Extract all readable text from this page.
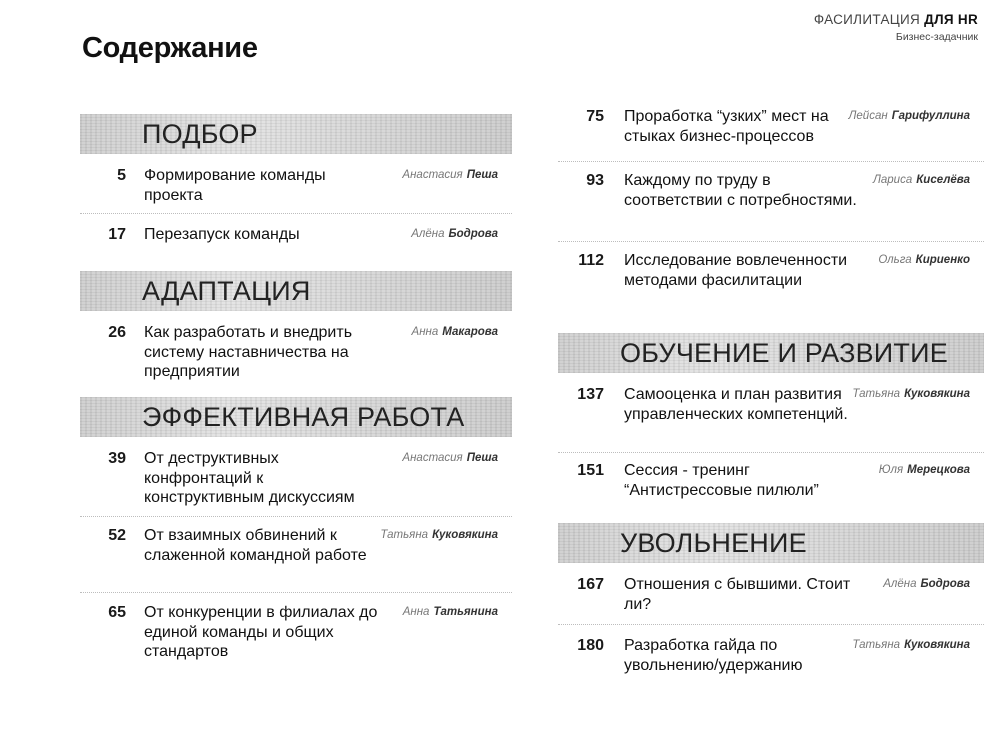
ФАСИЛИТАЦИЯ ДЛЯ HR
Бизнес-задачник
Содержание
ПОДБОР
5 Формирование команды проекта
Анастасия Пеша
17 Перезапуск команды	Алёна Бодрова
АДАПТАЦИЯ
26 Как разработать и внедрить систему наставничества на предприятии
Анна Макарова
ЭФФЕКТИВНАЯ РАБОТА
39 От деструктивных конфронтаций к конструктивным дискуссиям
Анастасия Пеша
52 От взаимных обвинений к слаженной командной работе
Татьяна Куковякина
65 От конкуренции в филиалах до единой команды и общих стандартов
Анна Татьянина
75 Проработка “узких” мест на стыках бизнес-процессов
Лейсан Гарифуллина
93 Каждому по труду в соответствии с потребностями.
Лариса Киселёва
112 Исследование вовлеченности методами фасилитации
Ольга Кириенко
ОБУЧЕНИЕ И РАЗВИТИЕ
137 Самооценка и план развития управленческих компетенций.
Татьяна Куковякина
151 Сессия - тренинг “Антистрессовые пилюли”
Юля Мерецкова
УВОЛЬНЕНИЕ
167 Отношения с бывшими. Стоит ли?
Алёна Бодрова
180 Разработка гайда по увольнению/удержанию
Татьяна Куковякина
